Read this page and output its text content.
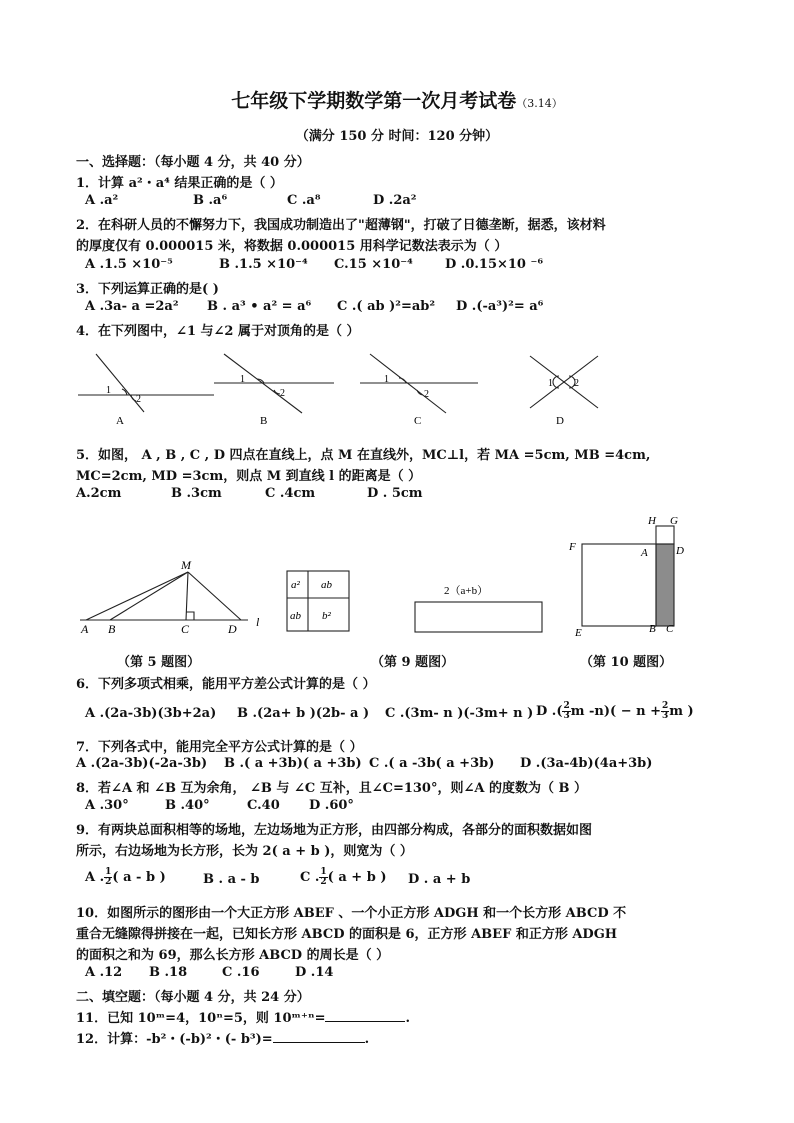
七年级下学期数学第一次月考试卷（3.14）
（满分 150 分 时间：120 分钟）
一、选择题：（每小题 4 分，共 40 分）
1．计算 a²・a⁴ 结果正确的是（ ）
A .a²	B .a⁶	C .a⁸	D .2a²
2．在科研人员的不懈努力下，我国成功制造出了"超薄钢"，打破了日德垄断，据悉，该材料
的厚度仅有 0.000015 米，将数据 0.000015 用科学记数法表示为（ ）
A .1.5 ×10⁻⁵	B .1.5 ×10⁻⁴ C.15 ×10⁻⁴ D .0.15×10 ⁻⁶
3．下列运算正确的是( )
A .3a- a =2a² B . a³ • a² = a⁶ C .( ab )²=ab² D .(-a³)²= a⁶
4．在下列图中，∠1 与∠2 属于对顶角的是（ ）
1
2
A
1
2
B
1
2
C
1 2
D
5．如图， A , B , C , D 四点在直线上，点 M 在直线外，MC⊥l，若 MA =5cm, MB =4cm,
MC=2cm, MD =3cm，则点 M 到直线 l 的距离是（ ）
A.2cm	B .3cm	C .4cm	D . 5cm
M
A B	C	D l
（第 5 题图）
a² ab
ab b²
2（a+b）
（第 9 题图）
H G
F	A	D
E	B C
（第 10 题图）
6．下列多项式相乘，能用平方差公式计算的是（ ）
A .(2a-3b)(3b+2a) B .(2a+ b )(2b- a ) C .(3m- n )(-3m+ n ) D .( $\frac{2}{3}$ m $-n)( - n + \frac{2}{3}$ m )
7．下列各式中，能用完全平方公式计算的是（ ）
A .(2a-3b)(-2a-3b) B .( a +3b)( a +3b) C .( a -3b( a +3b) D .(3a-4b)(4a+3b)
8．若∠A 和 ∠B 互为余角， ∠B 与 ∠C 互补，且∠C=130°，则∠A 的度数为（ B ）
A .30°	B .40°	C.40 D .60°
9．有两块总面积相等的场地，左边场地为正方形，由四部分构成，各部分的面积数据如图
所示，右边场地为长方形，长为 2( a + b )，则宽为（ ）
A . $\frac{1}{2}$ ( a - b )	B . a - b	C . $\frac{1}{2}$ ( a + b ) D . a + b
10．如图所示的图形由一个大正方形 ABEF 、一个小正方形 ADGH 和一个长方形 ABCD 不
重合无缝隙得拼接在一起，已知长方形 ABCD 的面积是 6，正方形 ABEF 和正方形 ADGH
的面积之和为 69，那么长方形 ABCD 的周长是（ ）
A .12 B .18	C .16	D .14
二、填空题：（每小题 4 分，共 24 分）
11．已知 10ᵐ=4，10ⁿ=5，则 10ᵐ⁺ⁿ=	.
12．计算：-b²・(-b)²・(- b³)=	.
